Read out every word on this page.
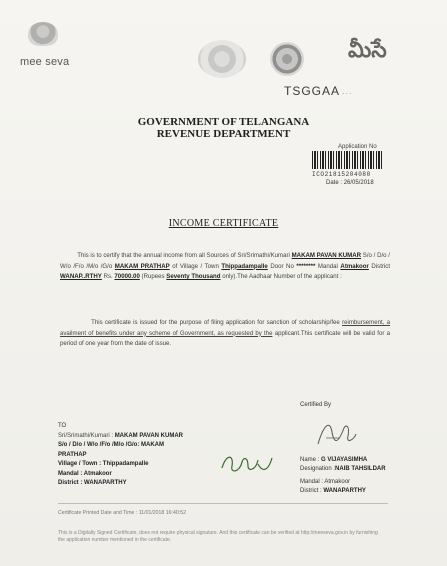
mee seva	మీసే
TSGGAA ...
GOVERNMENT OF TELANGANA
REVENUE DEPARTMENT
Application No
ICO21815204080
Date : 26/05/2018
INCOME CERTIFICATE
This is to certify that the annual income from all Sources of Sri/Srimathi/Kumari MAKAM PAVAN KUMAR S/o / D/o / W/o /F/o /M/o /G/o MAKAM PRATHAP of Village / Town Thippadampalle Door No ******** Mandal Atmakoor District WANAP..RTHY Rs. 70000.00 (Rupees Seventy Thousand only).The Aadhaar Number of the applicant :
This certificate is issued for the purpose of filing application for sanction of scholarship/fee reimbursement, a availment of benefits under any scheme of Government, as requested by the applicant.This certificate will be valid for a period of one year from the date of issue.
Certified By
Name : G VIJAYASIMHA
Designation :NAIB TAHSILDAR
Mandal : Atmakoor
District : WANAPARTHY
TO
Sri/Srimathi/Kumari : MAKAM PAVAN KUMAR
S/o / D/o / W/o /F/o /M/o /G/o: MAKAM
PRATHAP
Village / Town : Thippadampalle
Mandal : Atmakoor
District : WANAPARTHY
Certificate Printed Date and Time : 11/01/2018 16:40:52
This is a Digitally Signed Certificate, does not require physical signature. And this certificate can be verified at http://meeseva.gov.in by furnishing the application number mentioned in the certificate.
